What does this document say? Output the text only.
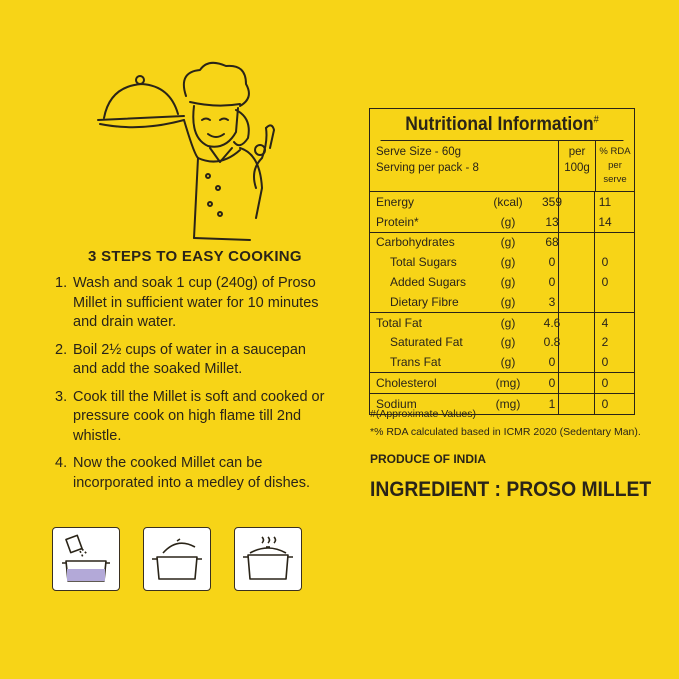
3 STEPS TO EASY COOKING
1. Wash and soak 1 cup (240g) of Proso Millet in sufficient water for 10 minutes and drain water.
2. Boil 2½ cups of water in a saucepan and add the soaked Millet.
3. Cook till the Millet is soft and cooked or pressure cook on high flame till 2nd whistle.
4. Now the cooked Millet can be incorporated into a medley of dishes.
Nutritional Information#
Serve Size - 60g
Serving per pack - 8
per
100g
% RDA
per serve
Energy	(kcal)	359	11
Protein*	(g)	13	14
Carbohydrates	(g)	68
Total Sugars	(g)	0	0
Added Sugars	(g)	0	0
Dietary Fibre	(g)	3
Total Fat	(g)	4.6	4
Saturated Fat	(g)	0.8	2
Trans Fat	(g)	0	0
Cholesterol	(mg)	0	0
Sodium	(mg)	1	0
#(Approximate Values)
*% RDA calculated based in ICMR 2020 (Sedentary Man).
PRODUCE OF INDIA
INGREDIENT : PROSO MILLET
